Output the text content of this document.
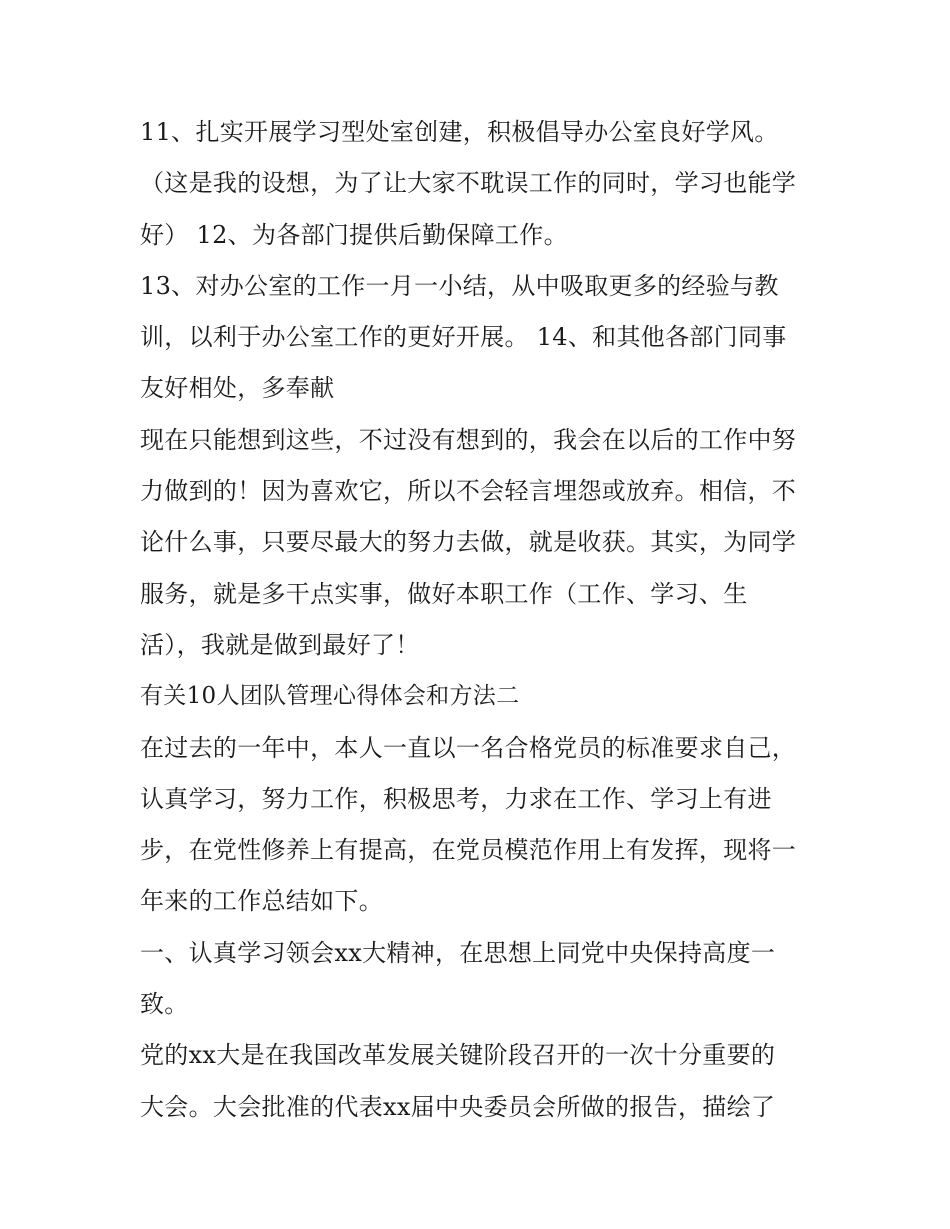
11、扎实开展学习型处室创建，积极倡导办公室良好学风。
（这是我的设想，为了让大家不耽误工作的同时，学习也能学
好） 12、为各部门提供后勤保障工作。
13、对办公室的工作一月一小结，从中吸取更多的经验与教
训，以利于办公室工作的更好开展。 14、和其他各部门同事
友好相处，多奉献
现在只能想到这些，不过没有想到的，我会在以后的工作中努
力做到的！因为喜欢它，所以不会轻言埋怨或放弃。相信，不
论什么事，只要尽最大的努力去做，就是收获。其实，为同学
服务，就是多干点实事，做好本职工作（工作、学习、生
活），我就是做到最好了！
有关10人团队管理心得体会和方法二
在过去的一年中，本人一直以一名合格党员的标准要求自己，
认真学习，努力工作，积极思考，力求在工作、学习上有进
步，在党性修养上有提高，在党员模范作用上有发挥，现将一
年来的工作总结如下。
一、认真学习领会xx大精神，在思想上同党中央保持高度一
致。
党的xx大是在我国改革发展关键阶段召开的一次十分重要的
大会。大会批准的代表xx届中央委员会所做的报告，描绘了
